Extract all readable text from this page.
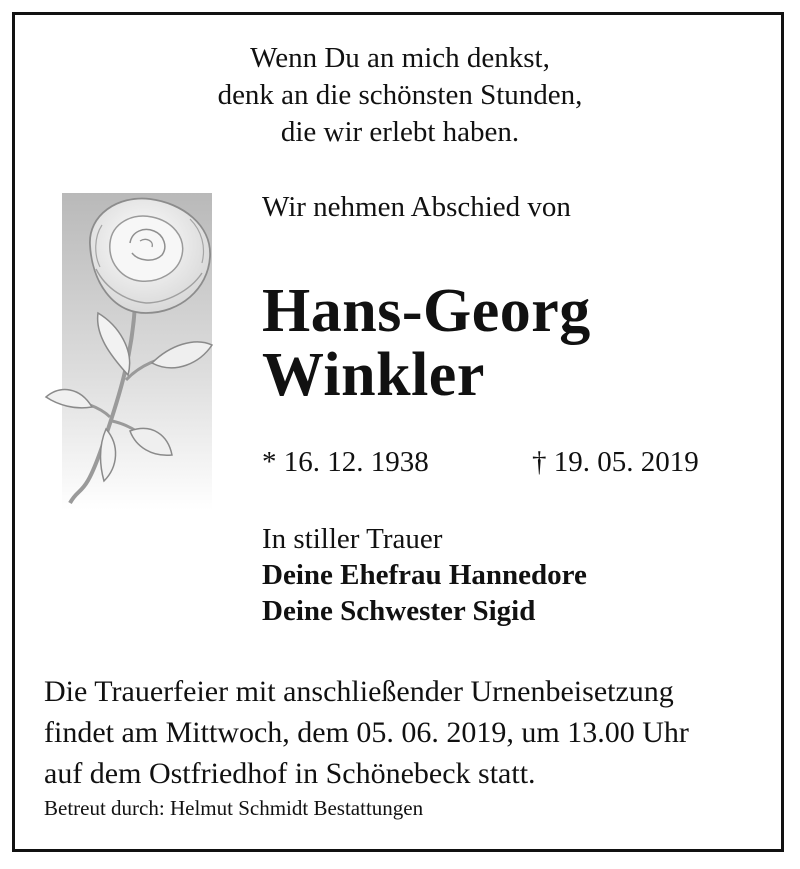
Wenn Du an mich denkst,
denk an die schönsten Stunden,
die wir erlebt haben.
Wir nehmen Abschied von
Hans-Georg
Winkler
* 16. 12. 1938	† 19. 05. 2019
In stiller Trauer
Deine Ehefrau Hannedore
Deine Schwester Sigid
Die Trauerfeier mit anschließender Urnenbeisetzung
findet am Mittwoch, dem 05. 06. 2019, um 13.00 Uhr
auf dem Ostfriedhof in Schönebeck statt.
Betreut durch: Helmut Schmidt Bestattungen
